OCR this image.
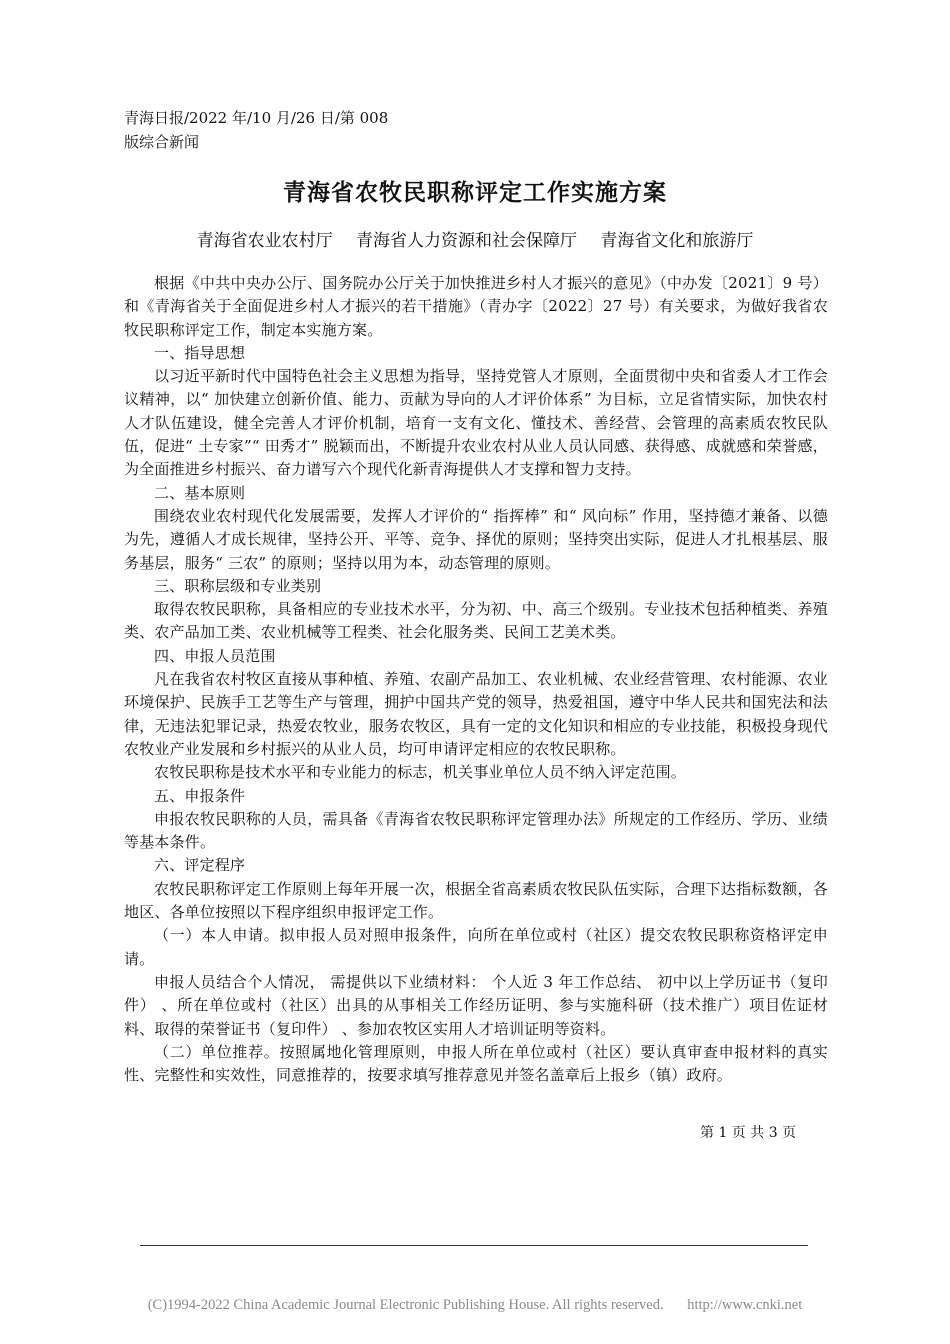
青海日报/2022 年/10 月/26 日/第 008
版综合新闻
青海省农牧民职称评定工作实施方案
青海省农业农村厅 青海省人力资源和社会保障厅 青海省文化和旅游厅

根据《中共中央办公厅、国务院办公厅关于加快推进乡村人才振兴的意见》（中办发〔2021〕9 号）和《青海省关于全面促进乡村人才振兴的若干措施》（青办字〔2022〕27 号）有关要求，为做好我省农牧民职称评定工作，制定本实施方案。

一、指导思想

以习近平新时代中国特色社会主义思想为指导，坚持党管人才原则，全面贯彻中央和省委人才工作会议精神，以“ 加快建立创新价值、能力、贡献为导向的人才评价体系” 为目标，立足省情实际，加快农村人才队伍建设，健全完善人才评价机制，培育一支有文化、懂技术、善经营、会管理的高素质农牧民队伍，促进“ 土专家”“ 田秀才” 脱颖而出，不断提升农业农村从业人员认同感、获得感、成就感和荣誉感，为全面推进乡村振兴、奋力谱写六个现代化新青海提供人才支撑和智力支持。

二、基本原则

围绕农业农村现代化发展需要，发挥人才评价的“ 指挥棒” 和“ 风向标” 作用，坚持德才兼备、以德为先，遵循人才成长规律，坚持公开、平等、竞争、择优的原则；坚持突出实际，促进人才扎根基层、服务基层，服务“ 三农” 的原则；坚持以用为本，动态管理的原则。

三、职称层级和专业类别

取得农牧民职称，具备相应的专业技术水平，分为初、中、高三个级别。专业技术包括种植类、养殖类、农产品加工类、农业机械等工程类、社会化服务类、民间工艺美术类。

四、申报人员范围

凡在我省农村牧区直接从事种植、养殖、农副产品加工、农业机械、农业经营管理、农村能源、农业环境保护、民族手工艺等生产与管理，拥护中国共产党的领导，热爱祖国，遵守中华人民共和国宪法和法律，无违法犯罪记录，热爱农牧业，服务农牧区，具有一定的文化知识和相应的专业技能，积极投身现代农牧业产业发展和乡村振兴的从业人员，均可申请评定相应的农牧民职称。

农牧民职称是技术水平和专业能力的标志，机关事业单位人员不纳入评定范围。

五、申报条件

申报农牧民职称的人员，需具备《青海省农牧民职称评定管理办法》所规定的工作经历、学历、业绩等基本条件。

六、评定程序

农牧民职称评定工作原则上每年开展一次，根据全省高素质农牧民队伍实际，合理下达指标数额，各地区、各单位按照以下程序组织申报评定工作。

（一）本人申请。拟申报人员对照申报条件，向所在单位或村（社区）提交农牧民职称资格评定申请。

申报人员结合个人情况， 需提供以下业绩材料： 个人近 3 年工作总结、 初中以上学历证书（复印件） 、所在单位或村（社区）出具的从事相关工作经历证明、参与实施科研（技术推广）项目佐证材料、取得的荣誉证书（复印件） 、参加农牧区实用人才培训证明等资料。

（二）单位推荐。按照属地化管理原则，申报人所在单位或村（社区）要认真审查申报材料的真实性、完整性和实效性，同意推荐的，按要求填写推荐意见并签名盖章后上报乡（镇）政府。

第 1 页 共 3 页
(C)1994-2022 China Academic Journal Electronic Publishing House. All rights reserved. http://www.cnki.net
